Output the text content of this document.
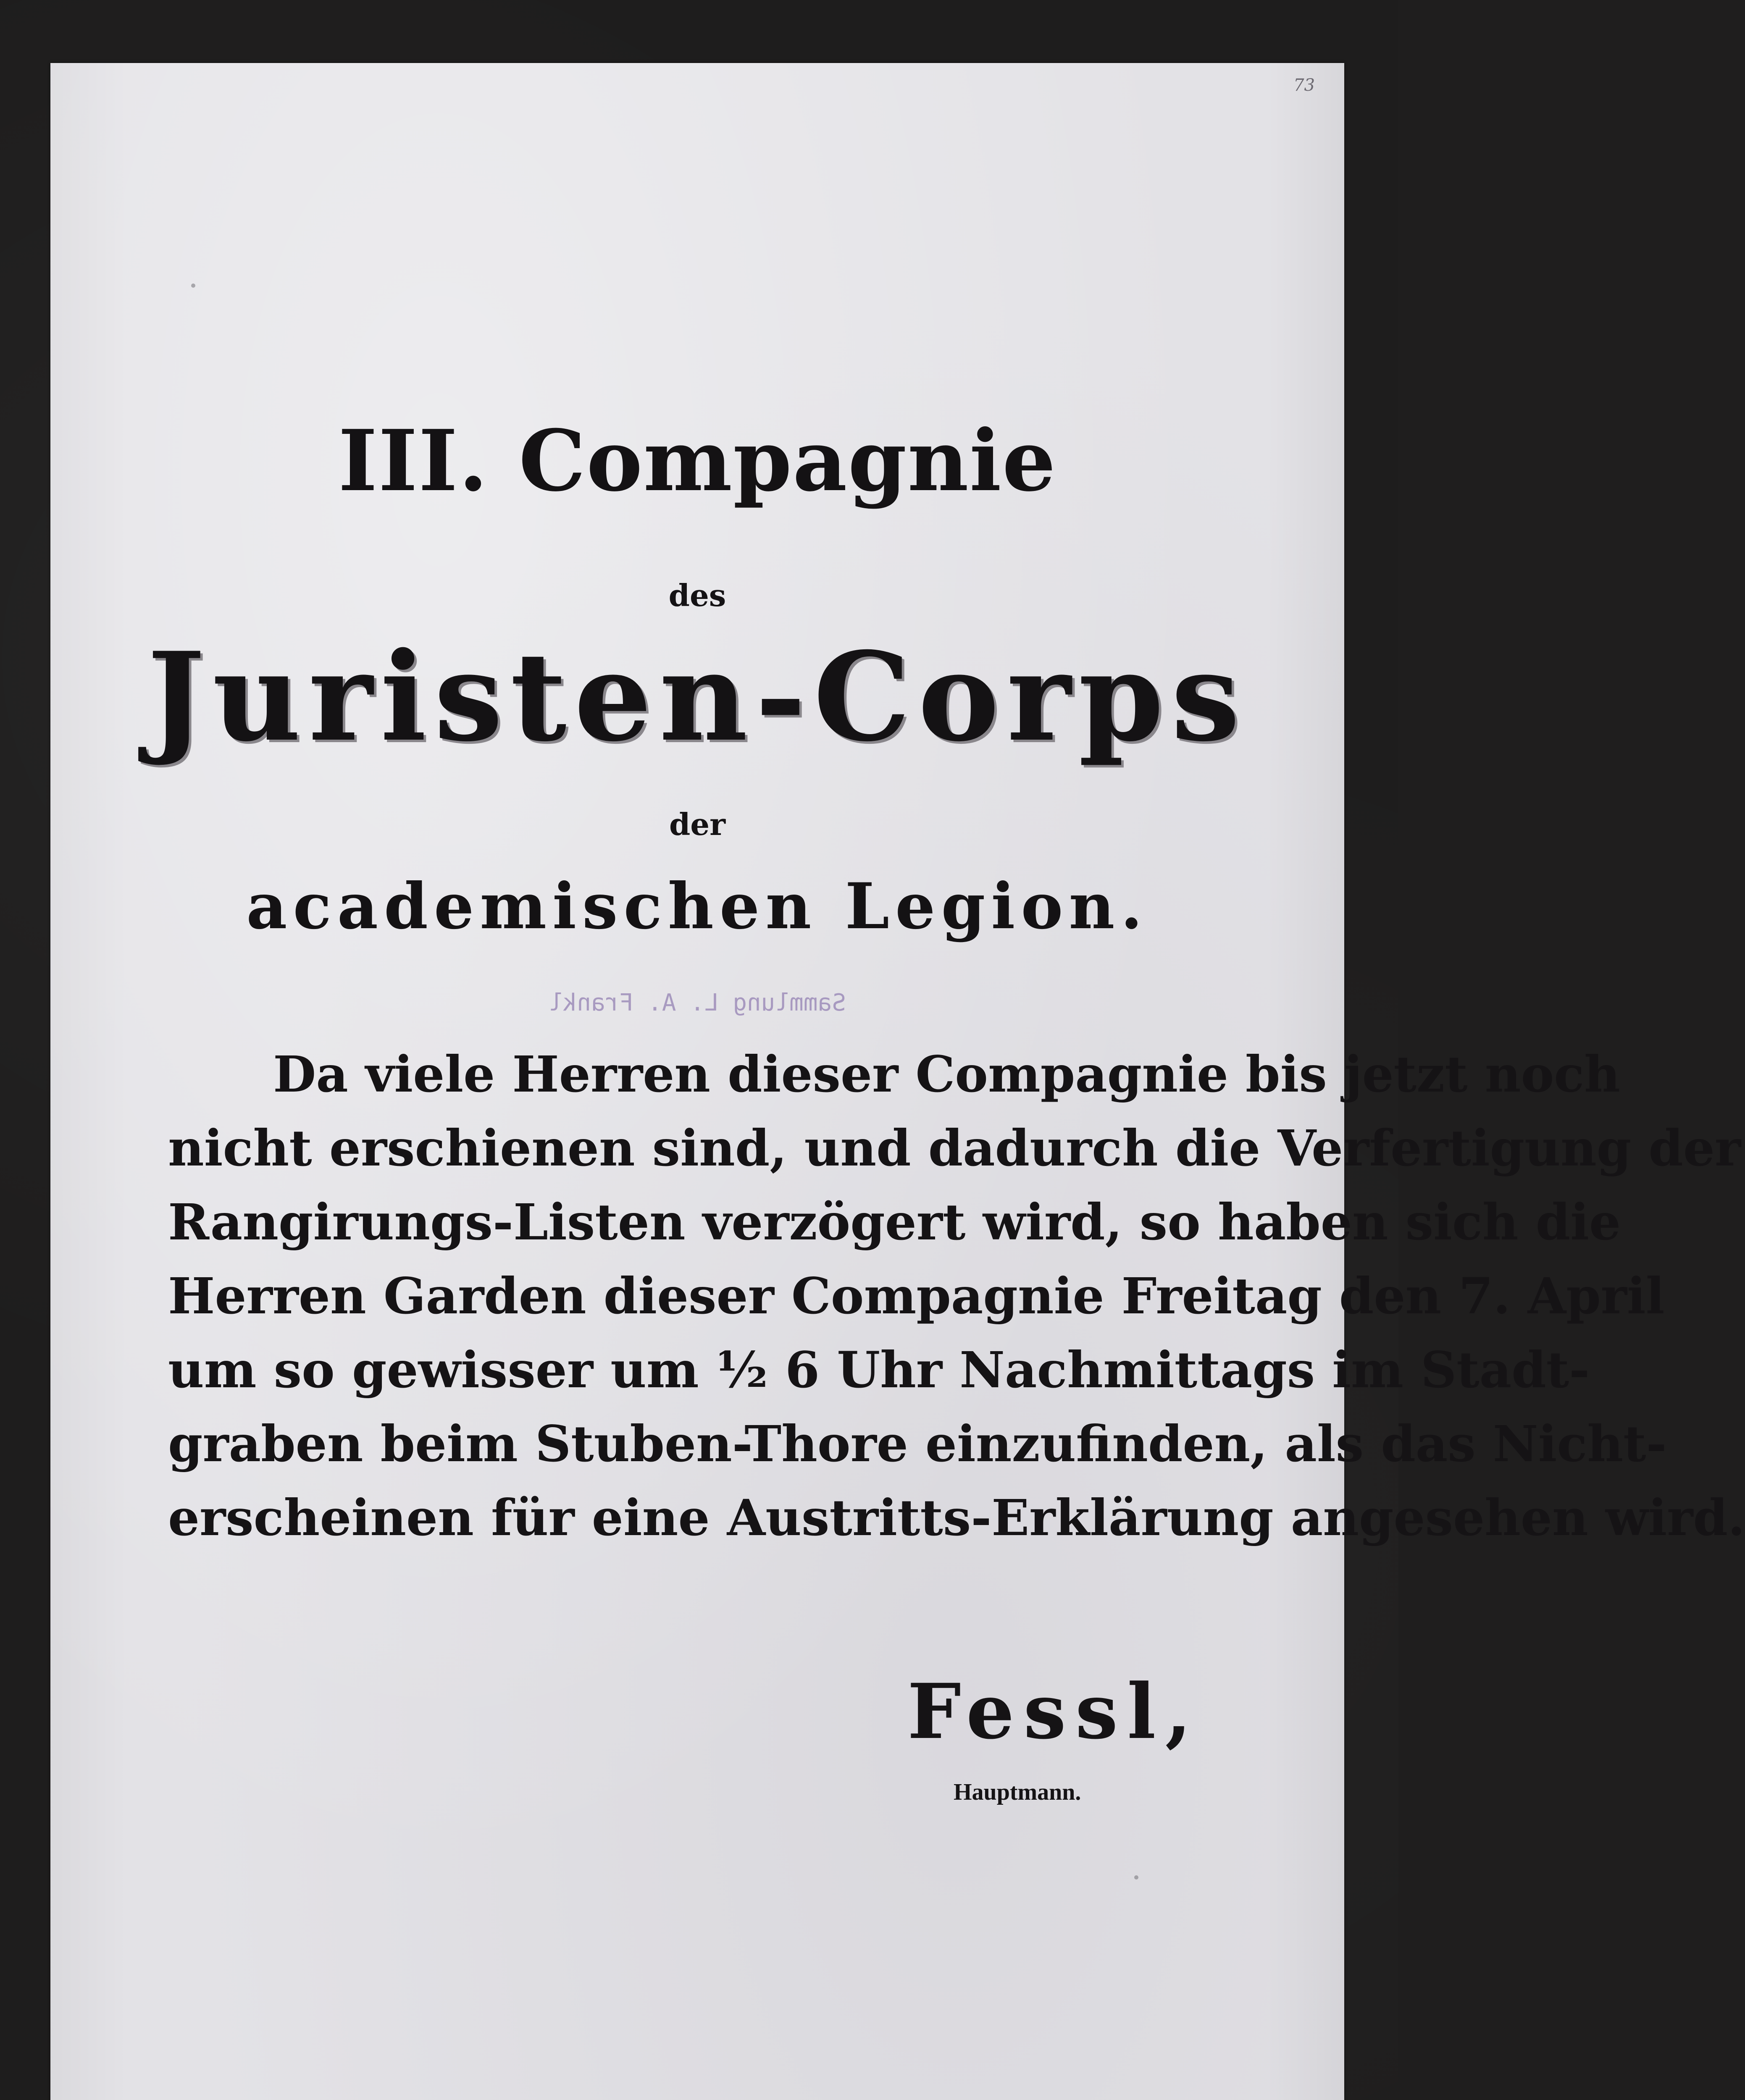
73
III. Compagnie
des
Juristen-Corps
der
academischen Legion.
Sammlung L. A. Frankl
Da viele Herren dieser Compagnie bis jetzt noch
nicht erschienen sind, und dadurch die Verfertigung der
Rangirungs-Listen verzögert wird, so haben sich die
Herren Garden dieser Compagnie Freitag den 7. April
um so gewisser um ½ 6 Uhr Nachmittags im Stadt-
graben beim Stuben-Thore einzufinden, als das Nicht-
erscheinen für eine Austritts-Erklärung angesehen wird.
Fessl,
Hauptmann.
